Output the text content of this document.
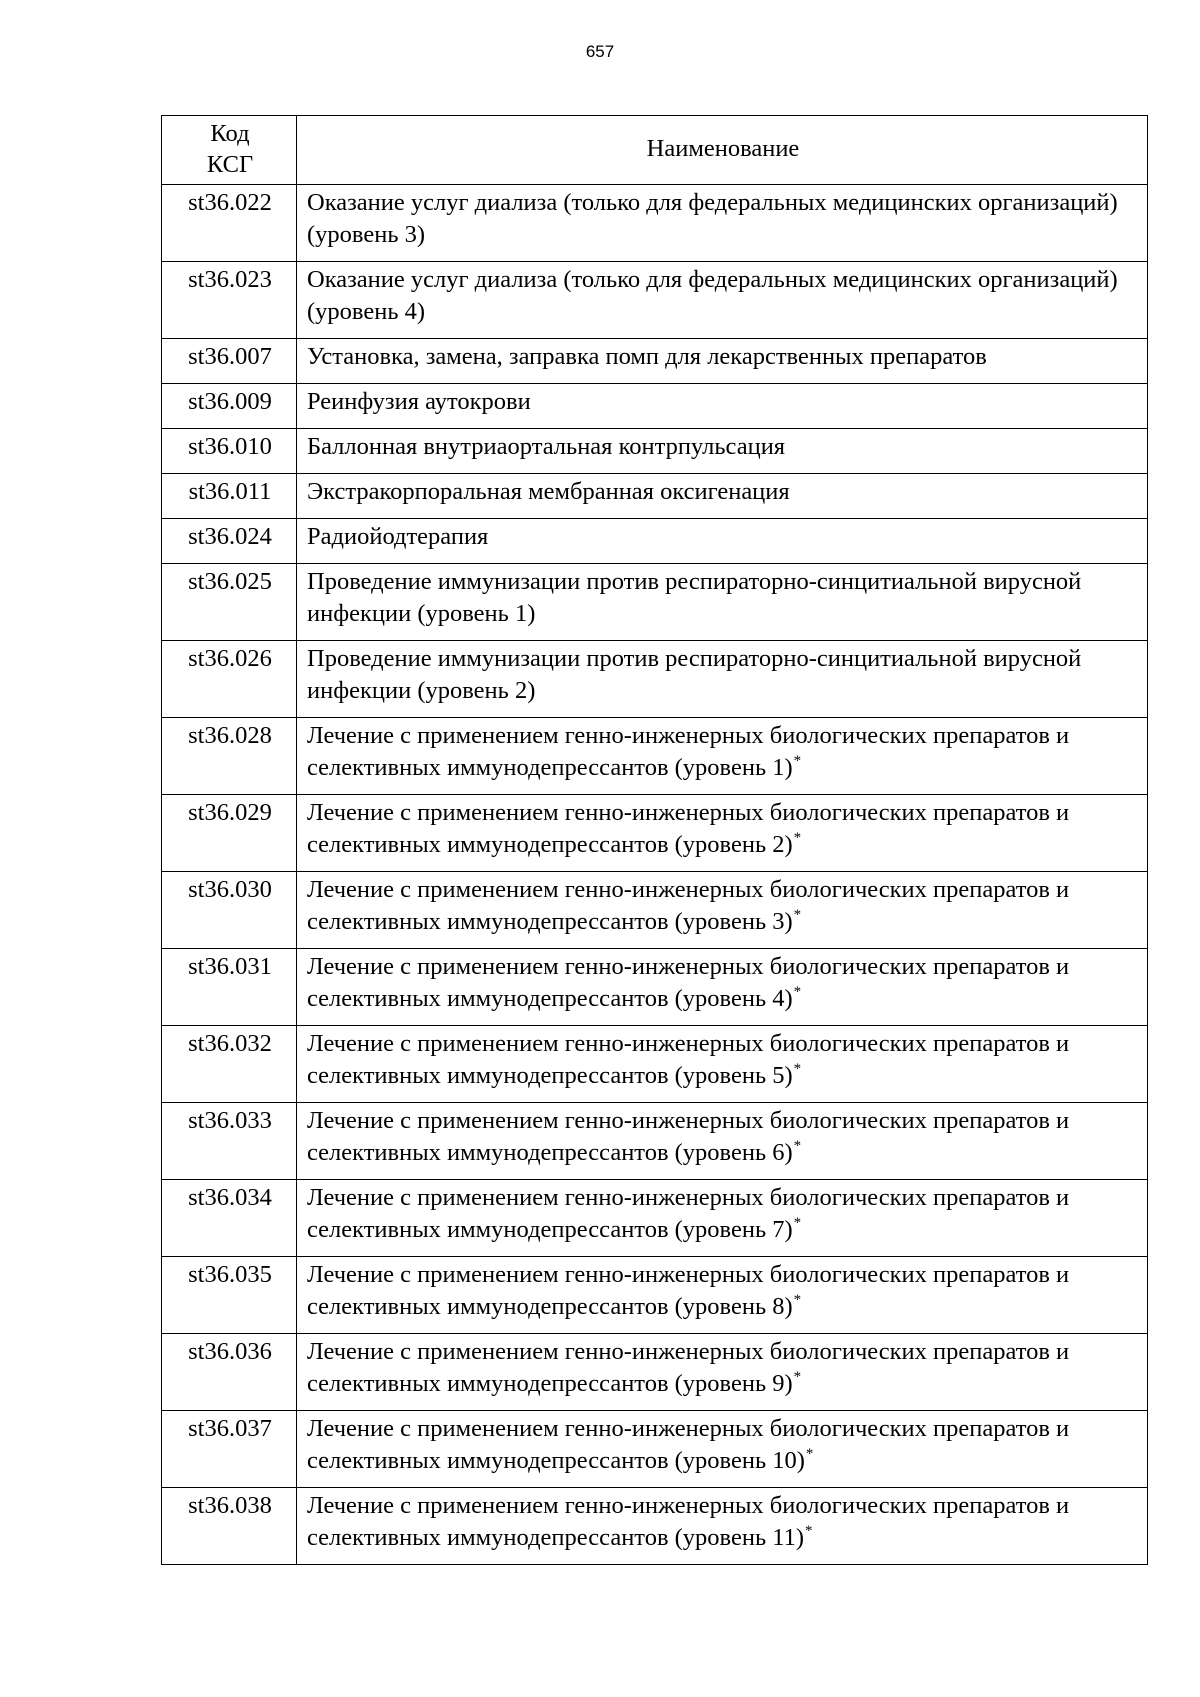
657
Код
КСГ	Наименование
st36.022	Оказание услуг диализа (только для федеральных медицинских организаций) (уровень 3)
st36.023	Оказание услуг диализа (только для федеральных медицинских организаций) (уровень 4)
st36.007	Установка, замена, заправка помп для лекарственных препаратов
st36.009	Реинфузия аутокрови
st36.010	Баллонная внутриаортальная контрпульсация
st36.011	Экстракорпоральная мембранная оксигенация
st36.024	Радиойодтерапия
st36.025	Проведение иммунизации против респираторно-синцитиальной вирусной инфекции (уровень 1)
st36.026	Проведение иммунизации против респираторно-синцитиальной вирусной инфекции (уровень 2)
st36.028	Лечение с применением генно-инженерных биологических препаратов и селективных иммунодепрессантов (уровень 1)*
st36.029	Лечение с применением генно-инженерных биологических препаратов и селективных иммунодепрессантов (уровень 2)*
st36.030	Лечение с применением генно-инженерных биологических препаратов и селективных иммунодепрессантов (уровень 3)*
st36.031	Лечение с применением генно-инженерных биологических препаратов и селективных иммунодепрессантов (уровень 4)*
st36.032	Лечение с применением генно-инженерных биологических препаратов и селективных иммунодепрессантов (уровень 5)*
st36.033	Лечение с применением генно-инженерных биологических препаратов и селективных иммунодепрессантов (уровень 6)*
st36.034	Лечение с применением генно-инженерных биологических препаратов и селективных иммунодепрессантов (уровень 7)*
st36.035	Лечение с применением генно-инженерных биологических препаратов и селективных иммунодепрессантов (уровень 8)*
st36.036	Лечение с применением генно-инженерных биологических препаратов и селективных иммунодепрессантов (уровень 9)*
st36.037	Лечение с применением генно-инженерных биологических препаратов и селективных иммунодепрессантов (уровень 10)*
st36.038	Лечение с применением генно-инженерных биологических препаратов и селективных иммунодепрессантов (уровень 11)*
